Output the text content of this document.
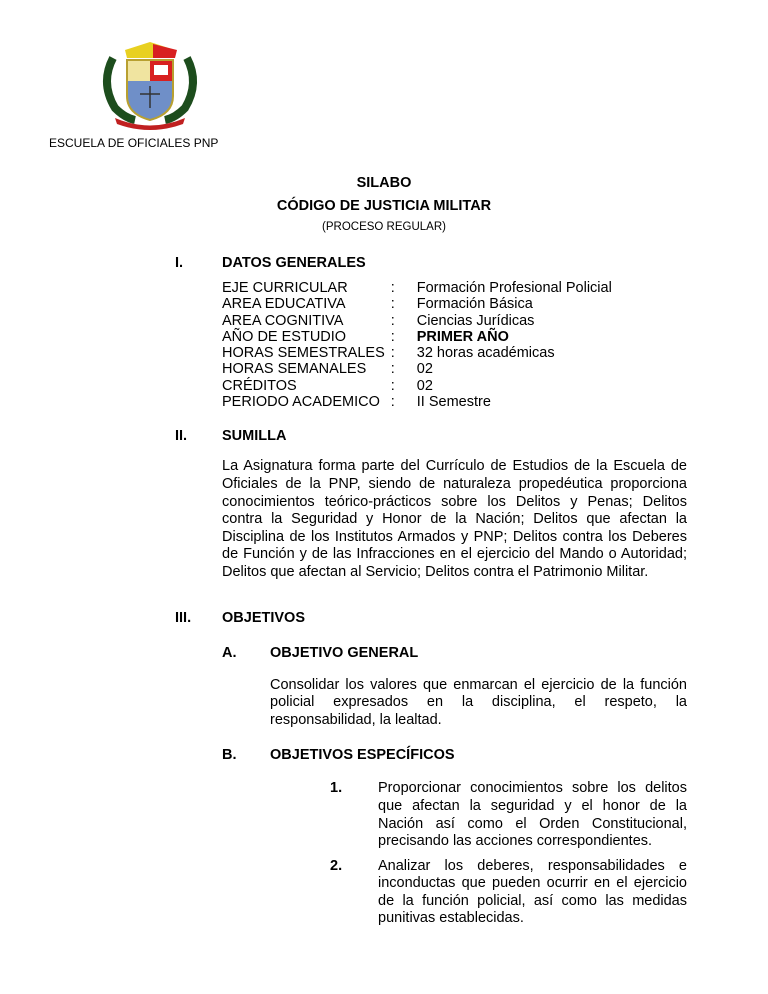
ESCUELA DE OFICIALES PNP
SILABO
CÓDIGO DE JUSTICIA MILITAR
(PROCESO REGULAR)
I.	DATOS GENERALES
EJE CURRICULAR	:	Formación Profesional Policial
AREA EDUCATIVA	:	Formación Básica
AREA COGNITIVA	:	Ciencias Jurídicas
AÑO DE ESTUDIO	:	PRIMER AÑO
HORAS SEMESTRALES :	32 horas académicas
HORAS SEMANALES	:	02
CRÉDITOS	:	02
PERIODO ACADEMICO :	II Semestre
II.	SUMILLA
La Asignatura forma parte del Currículo de Estudios de la Escuela de Oficiales de la PNP, siendo de naturaleza propedéutica proporciona conocimientos teórico-prácticos sobre los Delitos y Penas; Delitos contra la Seguridad y Honor de la Nación; Delitos que afectan la Disciplina de los Institutos Armados y PNP; Delitos contra los Deberes de Función y de las Infracciones en el ejercicio del Mando o Autoridad; Delitos que afectan al Servicio; Delitos contra el Patrimonio Militar.
III.	OBJETIVOS
A.	OBJETIVO GENERAL
Consolidar los valores que enmarcan el ejercicio de la función policial expresados en la disciplina, el respeto, la responsabilidad, la lealtad.
B.	OBJETIVOS ESPECÍFICOS
1.	Proporcionar conocimientos sobre los delitos que afectan la seguridad y el honor de la Nación así como el Orden Constitucional, precisando las acciones correspondientes.
2.	Analizar los deberes, responsabilidades e inconductas que pueden ocurrir en el ejercicio de la función policial, así como las medidas punitivas establecidas.
